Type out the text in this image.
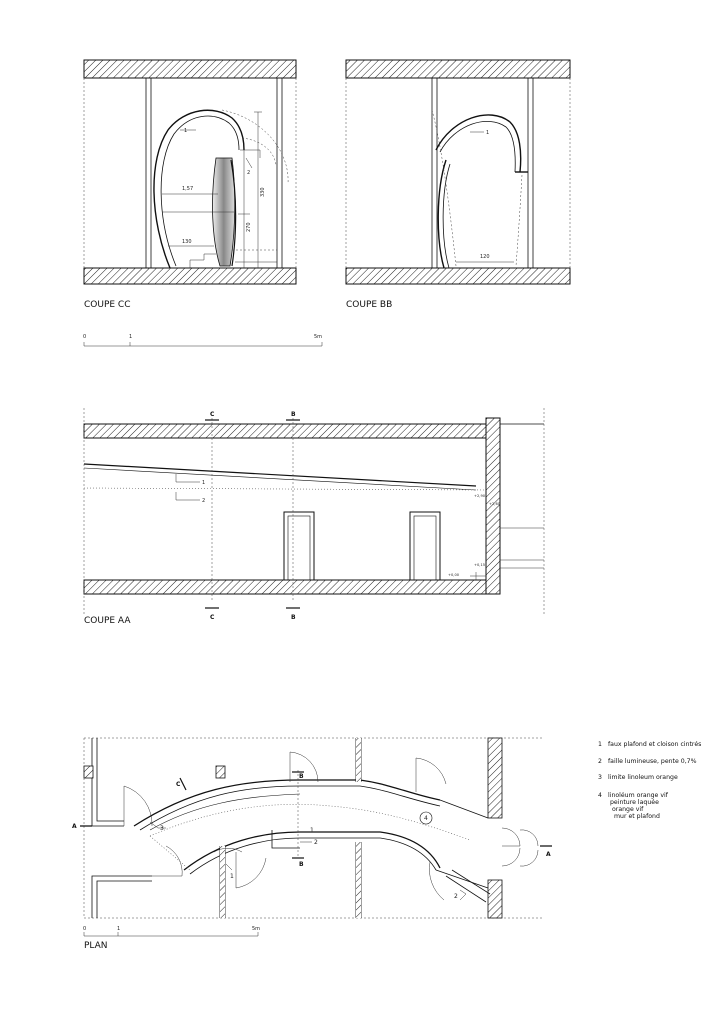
1,57	330
130
270
1
2
COUPE CC
120
1
COUPE BB
0	1	5m
C	B
C	B
1
2
+2,90
+2,60
+0,15
+0,00
COUPE AA
A
A
C
B
B
4
1
2
2
1
3
0	1	5m
PLAN
1 faux plafond et cloison cintrés
2 faille lumineuse, pente 0,7%
3 limite linoleum orange
4 linoléum orange vif
peinture laquée
orange vif
mur et plafond
